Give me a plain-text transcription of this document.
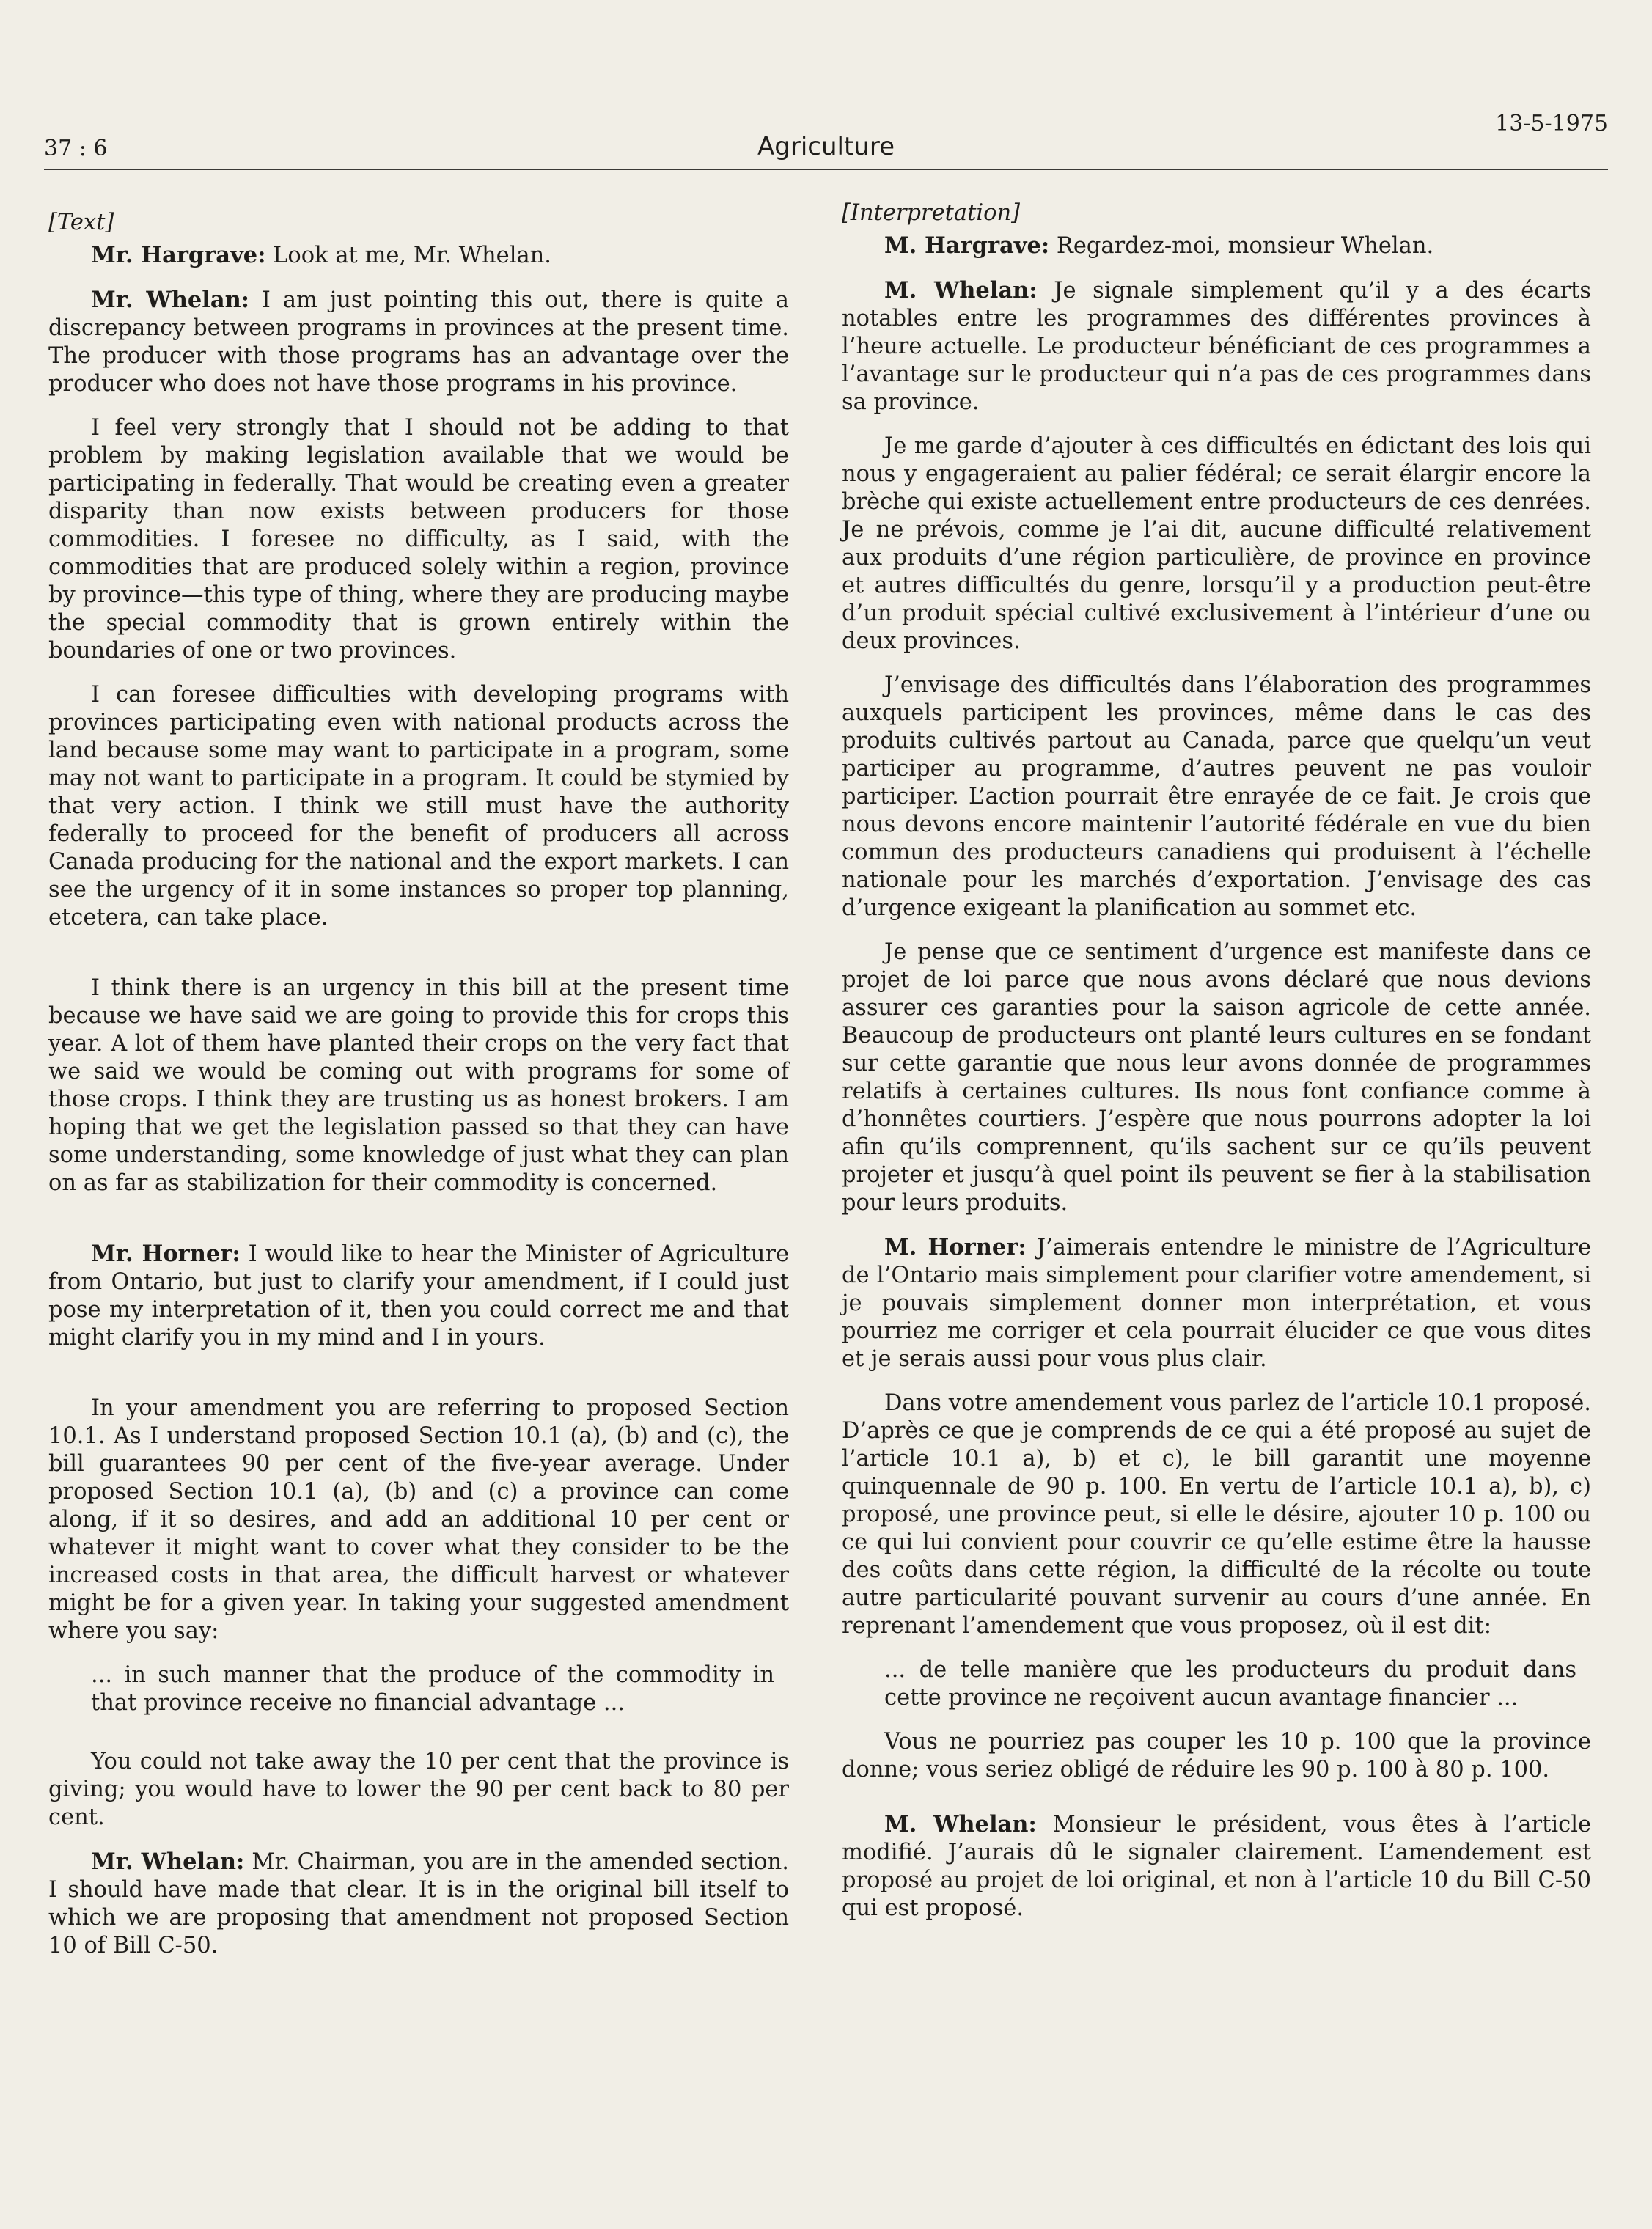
37 : 6	Agriculture
13-5-1975
[Text]

Mr. Hargrave: Look at me, Mr. Whelan.

Mr. Whelan: I am just pointing this out, there is quite a discrepancy between programs in provinces at the present time. The producer with those programs has an advantage over the producer who does not have those programs in his province.

I feel very strongly that I should not be adding to that problem by making legislation available that we would be participating in federally. That would be creating even a greater disparity than now exists between producers for those commodities. I foresee no difficulty, as I said, with the commodities that are produced solely within a region, province by province—this type of thing, where they are producing maybe the special commodity that is grown entirely within the boundaries of one or two provinces.

I can foresee difficulties with developing programs with provinces participating even with national products across the land because some may want to participate in a program, some may not want to participate in a program. It could be stymied by that very action. I think we still must have the authority federally to proceed for the benefit of producers all across Canada producing for the national and the export markets. I can see the urgency of it in some instances so proper top planning, etcetera, can take place.

I think there is an urgency in this bill at the present time because we have said we are going to provide this for crops this year. A lot of them have planted their crops on the very fact that we said we would be coming out with programs for some of those crops. I think they are trusting us as honest brokers. I am hoping that we get the legislation passed so that they can have some understanding, some knowledge of just what they can plan on as far as stabilization for their commodity is concerned.

Mr. Horner: I would like to hear the Minister of Agriculture from Ontario, but just to clarify your amendment, if I could just pose my interpretation of it, then you could correct me and that might clarify you in my mind and I in yours.

In your amendment you are referring to proposed Section 10.1. As I understand proposed Section 10.1 (a), (b) and (c), the bill guarantees 90 per cent of the five-year average. Under proposed Section 10.1 (a), (b) and (c) a province can come along, if it so desires, and add an additional 10 per cent or whatever it might want to cover what they consider to be the increased costs in that area, the difficult harvest or whatever might be for a given year. In taking your suggested amendment where you say:

... in such manner that the produce of the commodity in that province receive no financial advantage ...

You could not take away the 10 per cent that the province is giving; you would have to lower the 90 per cent back to 80 per cent.

Mr. Whelan: Mr. Chairman, you are in the amended section. I should have made that clear. It is in the original bill itself to which we are proposing that amendment not proposed Section 10 of Bill C-50.

[Interpretation]

M. Hargrave: Regardez-moi, monsieur Whelan.

M. Whelan: Je signale simplement qu’il y a des écarts notables entre les programmes des différentes provinces à l’heure actuelle. Le producteur bénéficiant de ces programmes a l’avantage sur le producteur qui n’a pas de ces programmes dans sa province.

Je me garde d’ajouter à ces difficultés en édictant des lois qui nous y engageraient au palier fédéral; ce serait élargir encore la brèche qui existe actuellement entre producteurs de ces denrées. Je ne prévois, comme je l’ai dit, aucune difficulté relativement aux produits d’une région particulière, de province en province et autres difficultés du genre, lorsqu’il y a production peut-être d’un produit spécial cultivé exclusivement à l’intérieur d’une ou deux provinces.

J’envisage des difficultés dans l’élaboration des programmes auxquels participent les provinces, même dans le cas des produits cultivés partout au Canada, parce que quelqu’un veut participer au programme, d’autres peuvent ne pas vouloir participer. L’action pourrait être enrayée de ce fait. Je crois que nous devons encore maintenir l’autorité fédérale en vue du bien commun des producteurs canadiens qui produisent à l’échelle nationale pour les marchés d’exportation. J’envisage des cas d’urgence exigeant la planification au sommet etc.

Je pense que ce sentiment d’urgence est manifeste dans ce projet de loi parce que nous avons déclaré que nous devions assurer ces garanties pour la saison agricole de cette année. Beaucoup de producteurs ont planté leurs cultures en se fondant sur cette garantie que nous leur avons donnée de programmes relatifs à certaines cultures. Ils nous font confiance comme à d’honnêtes courtiers. J’espère que nous pourrons adopter la loi afin qu’ils comprennent, qu’ils sachent sur ce qu’ils peuvent projeter et jusqu’à quel point ils peuvent se fier à la stabilisation pour leurs produits.

M. Horner: J’aimerais entendre le ministre de l’Agriculture de l’Ontario mais simplement pour clarifier votre amendement, si je pouvais simplement donner mon interprétation, et vous pourriez me corriger et cela pourrait élucider ce que vous dites et je serais aussi pour vous plus clair.

Dans votre amendement vous parlez de l’article 10.1 proposé. D’après ce que je comprends de ce qui a été proposé au sujet de l’article 10.1 a), b) et c), le bill garantit une moyenne quinquennale de 90 p. 100. En vertu de l’article 10.1 a), b), c) proposé, une province peut, si elle le désire, ajouter 10 p. 100 ou ce qui lui convient pour couvrir ce qu’elle estime être la hausse des coûts dans cette région, la difficulté de la récolte ou toute autre particularité pouvant survenir au cours d’une année. En reprenant l’amendement que vous proposez, où il est dit:

... de telle manière que les producteurs du produit dans cette province ne reçoivent aucun avantage financier ...

Vous ne pourriez pas couper les 10 p. 100 que la province donne; vous seriez obligé de réduire les 90 p. 100 à 80 p. 100.

M. Whelan: Monsieur le président, vous êtes à l’article modifié. J’aurais dû le signaler clairement. L’amendement est proposé au projet de loi original, et non à l’article 10 du Bill C-50 qui est proposé.
